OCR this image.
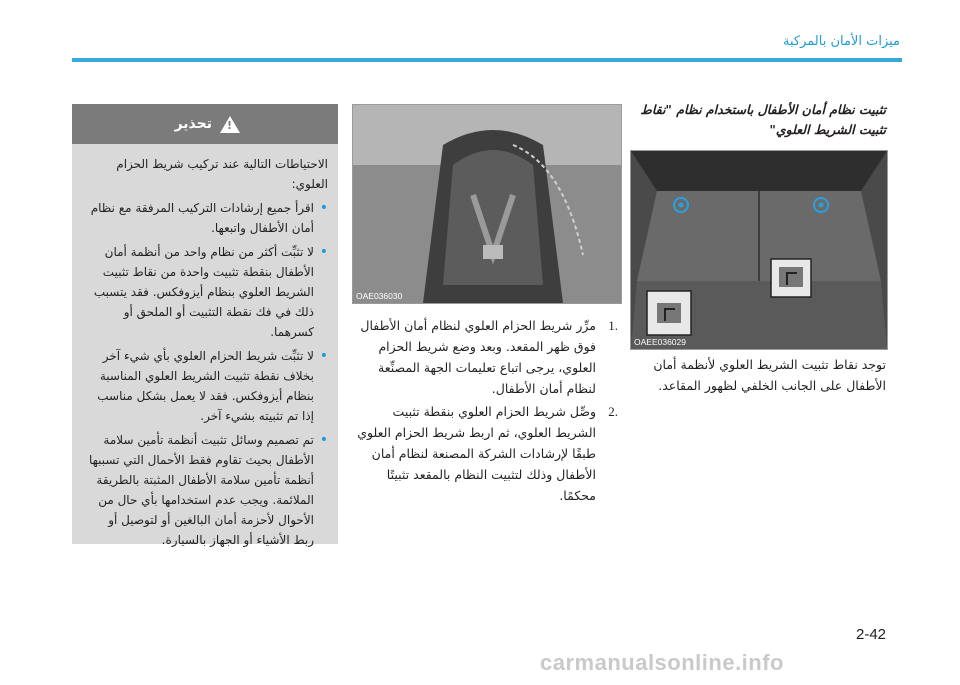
ميزات الأمان بالمركبة

تثبيت نظام أمان الأطفال باستخدام نظام "نقاط تثبيت الشريط العلوي"

OAEE036029

توجد نقاط تثبيت الشريط العلوي لأنظمة أمان الأطفال على الجانب الخلفي لظهور المقاعد.

OAE036030
1.
مرِّر شريط الحزام العلوي لنظام أمان الأطفال فوق ظهر المقعد. وبعد وضع شريط الحزام العلوي، يرجى اتباع تعليمات الجهة المصنِّعة لنظام أمان الأطفال.
2.
وصِّل شريط الحزام العلوي بنقطة تثبيت الشريط العلوي، ثم اربط شريط الحزام العلوي طبقًا لإرشادات الشركة المصنعة لنظام أمان الأطفال وذلك لتثبيت النظام بالمقعد تثبيتًا محكمًا.
تحذير
!

الاحتياطات التالية عند تركيب شريط الحزام العلوي:

• اقرأ جميع إرشادات التركيب المرفقة مع نظام أمان الأطفال واتبعها.
• لا تثبِّت أكثر من نظام واحد من أنظمة أمان الأطفال بنقطة تثبيت واحدة من نقاط تثبيت الشريط العلوي بنظام أيزوفكس. فقد يتسبب ذلك في فك نقطة التثبيت أو الملحق أو كسرهما.
• لا تثبِّت شريط الحزام العلوي بأي شيء آخر بخلاف نقطة تثبيت الشريط العلوي المناسبة بنظام أيزوفكس. فقد لا يعمل بشكل مناسب إذا تم تثبيته بشيء آخر.
• تم تصميم وسائل تثبيت أنظمة تأمين سلامة الأطفال بحيث تقاوم فقط الأحمال التي تسببها أنظمة تأمين سلامة الأطفال المثبتة بالطريقة الملائمة. ويجب عدم استخدامها بأي حال من الأحوال لأحزمة أمان البالغين أو لتوصيل أو ربط الأشياء أو الجهاز بالسيارة.
2-42
carmanualsonline.info
